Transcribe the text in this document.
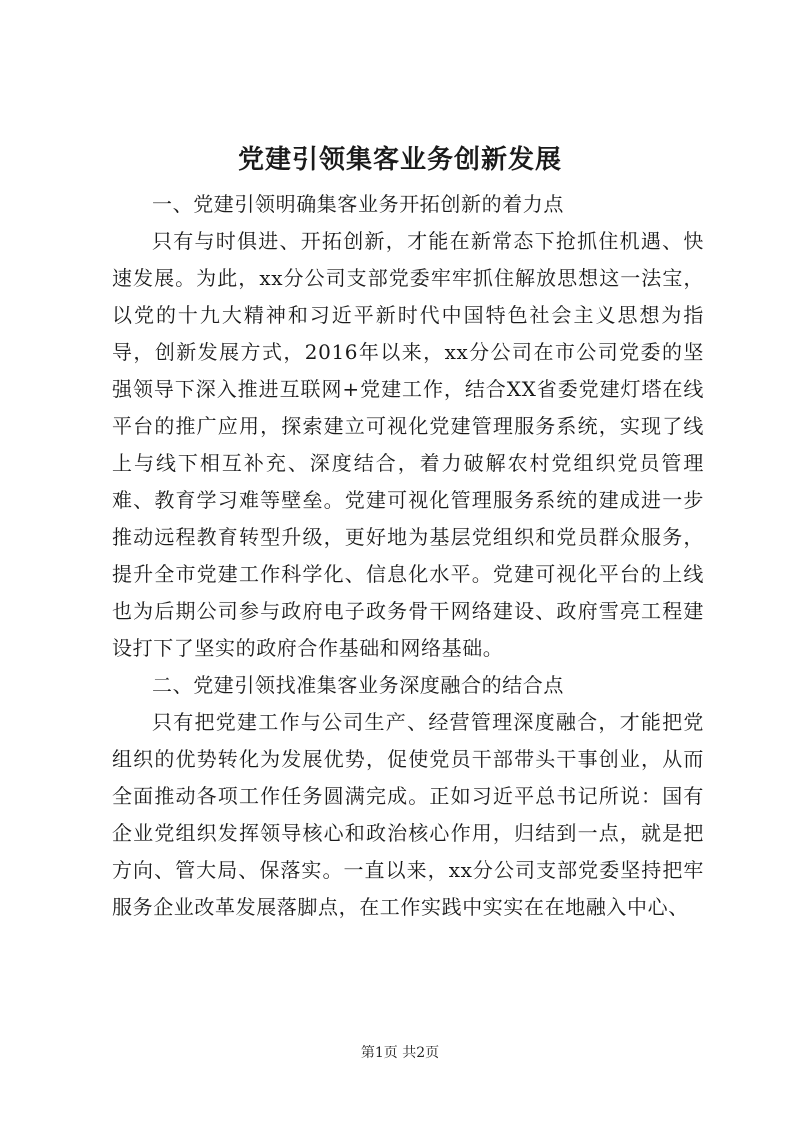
党建引领集客业务创新发展

一、党建引领明确集客业务开拓创新的着力点

只有与时俱进、开拓创新，才能在新常态下抢抓住机遇、快速发展。为此，xx分公司支部党委牢牢抓住解放思想这一法宝，以党的十九大精神和习近平新时代中国特色社会主义思想为指导，创新发展方式，2016年以来，xx分公司在市公司党委的坚强领导下深入推进互联网+党建工作，结合XX省委党建灯塔在线平台的推广应用，探索建立可视化党建管理服务系统，实现了线上与线下相互补充、深度结合，着力破解农村党组织党员管理难、教育学习难等壁垒。党建可视化管理服务系统的建成进一步推动远程教育转型升级，更好地为基层党组织和党员群众服务，提升全市党建工作科学化、信息化水平。党建可视化平台的上线也为后期公司参与政府电子政务骨干网络建设、政府雪亮工程建设打下了坚实的政府合作基础和网络基础。

二、党建引领找准集客业务深度融合的结合点

只有把党建工作与公司生产、经营管理深度融合，才能把党组织的优势转化为发展优势，促使党员干部带头干事创业，从而全面推动各项工作任务圆满完成。正如习近平总书记所说：国有企业党组织发挥领导核心和政治核心作用，归结到一点，就是把方向、管大局、保落实。一直以来，xx分公司支部党委坚持把牢服务企业改革发展落脚点，在工作实践中实实在在地融入中心、

第1页 共2页
